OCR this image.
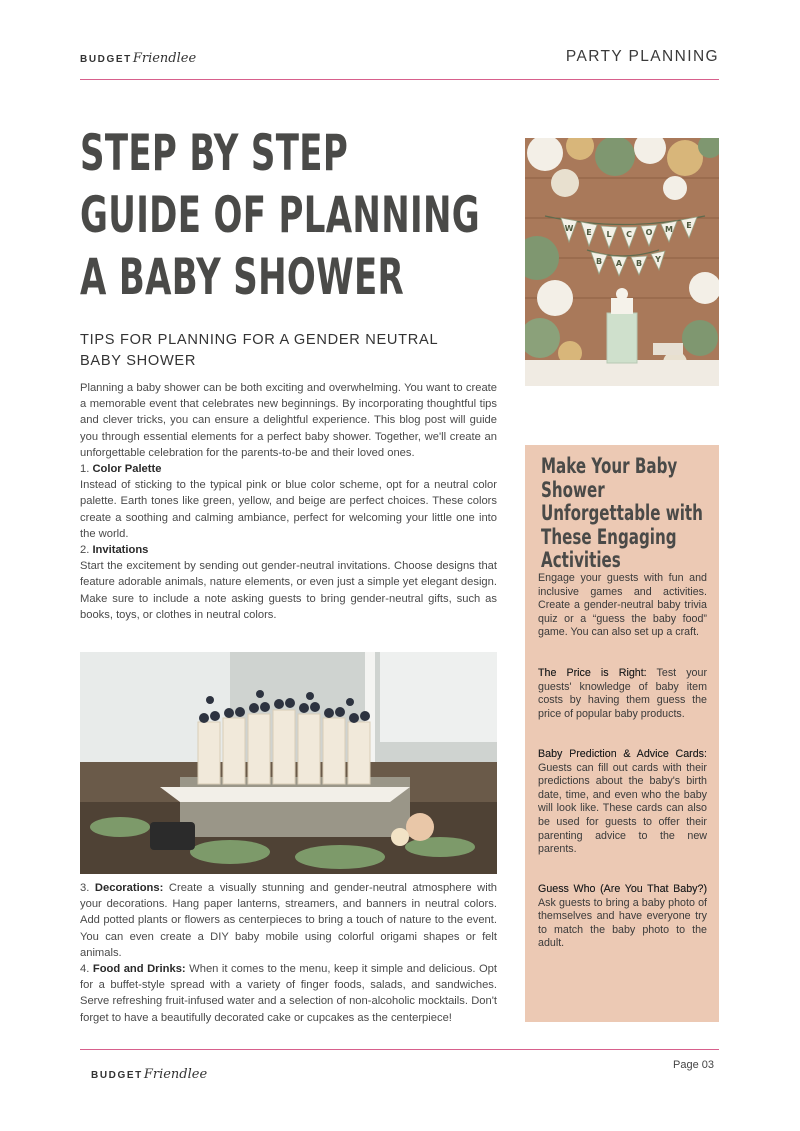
BUDGET Friendlee	PARTY PLANNING
STEP BY STEP
GUIDE OF PLANNING
A BABY SHOWER
TIPS FOR PLANNING FOR A GENDER NEUTRAL
BABY SHOWER

Planning a baby shower can be both exciting and overwhelming. You want to create a memorable event that celebrates new beginnings. By incorporating thoughtful tips and clever tricks, you can ensure a delightful experience. This blog post will guide you through essential elements for a perfect baby shower. Together, we'll create an unforgettable celebration for the parents-to-be and their loved ones.

1. Color Palette

Instead of sticking to the typical pink or blue color scheme, opt for a neutral color palette. Earth tones like green, yellow, and beige are perfect choices. These colors create a soothing and calming ambiance, perfect for welcoming your little one into the world.

2. Invitations

Start the excitement by sending out gender-neutral invitations. Choose designs that feature adorable animals, nature elements, or even just a simple yet elegant design. Make sure to include a note asking guests to bring gender-neutral gifts, such as books, toys, or clothes in neutral colors.

3. Decorations: Create a visually stunning and gender-neutral atmosphere with your decorations. Hang paper lanterns, streamers, and banners in neutral colors. Add potted plants or flowers as centerpieces to bring a touch of nature to the event. You can even create a DIY baby mobile using colorful origami shapes or felt animals.

4. Food and Drinks: When it comes to the menu, keep it simple and delicious. Opt for a buffet-style spread with a variety of finger foods, salads, and sandwiches. Serve refreshing fruit-infused water and a selection of non-alcoholic mocktails. Don't forget to have a beautifully decorated cake or cupcakes as the centerpiece!

W E L C O M E
B A B Y
Make Your Baby
Shower
Unforgettable with
These Engaging
Activities
Engage your guests with fun and inclusive games and activities. Create a gender-neutral baby trivia quiz or a “guess the baby food” game. You can also set up a craft.
The Price is Right: Test your guests' knowledge of baby item costs by having them guess the price of popular baby products.
Baby Prediction & Advice Cards: Guests can fill out cards with their predictions about the baby's birth date, time, and even who the baby will look like. These cards can also be used for guests to offer their parenting advice to the new parents.
Guess Who (Are You That Baby?) Ask guests to bring a baby photo of themselves and have everyone try to match the baby photo to the adult.
BUDGET Friendlee
Page 03
